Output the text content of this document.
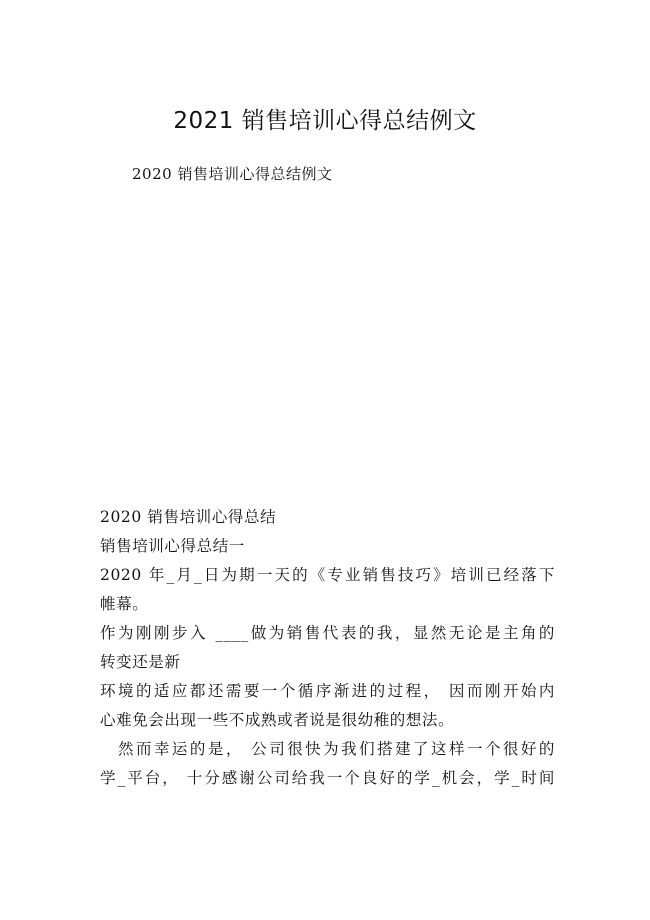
2021 销售培训心得总结例文

2020 销售培训心得总结例文

2020 销售培训心得总结

销售培训心得总结一

2020 年_月_日为期一天的《专业销售技巧》培训已经落下

帷幕。

作为刚刚步入 ____做为销售代表的我，显然无论是主角的

转变还是新

环境的适应都还需要一个循序渐进的过程， 因而刚开始内

心难免会出现一些不成熟或者说是很幼稚的想法。

然而幸运的是， 公司很快为我们搭建了这样一个很好的

学_平台， 十分感谢公司给我一个良好的学_机会，学_时间
